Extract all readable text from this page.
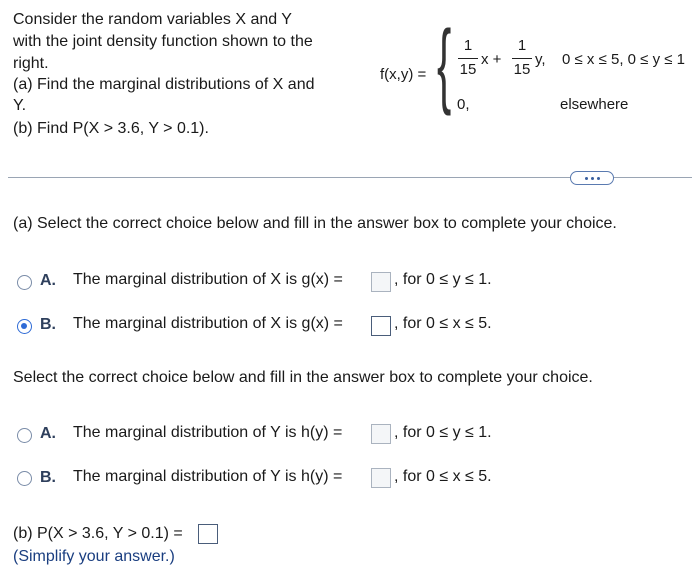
Consider the random variables X and Y
with the joint density function shown to the
right.
(a) Find the marginal distributions of X and
Y.
(b) Find P(X > 3.6, Y > 0.1).
f(x,y) = { 1
15
x +
1
15
y, 0 ≤ x ≤ 5, 0 ≤ y ≤ 1
0,	elsewhere
(a) Select the correct choice below and fill in the answer box to complete your choice.
A. The marginal distribution of X is g(x) =	, for 0 ≤ y ≤ 1.
B. The marginal distribution of X is g(x) =	, for 0 ≤ x ≤ 5.
Select the correct choice below and fill in the answer box to complete your choice.
A. The marginal distribution of Y is h(y) =	, for 0 ≤ y ≤ 1.
B. The marginal distribution of Y is h(y) =	, for 0 ≤ x ≤ 5.
(b) P(X > 3.6, Y > 0.1) =
(Simplify your answer.)
